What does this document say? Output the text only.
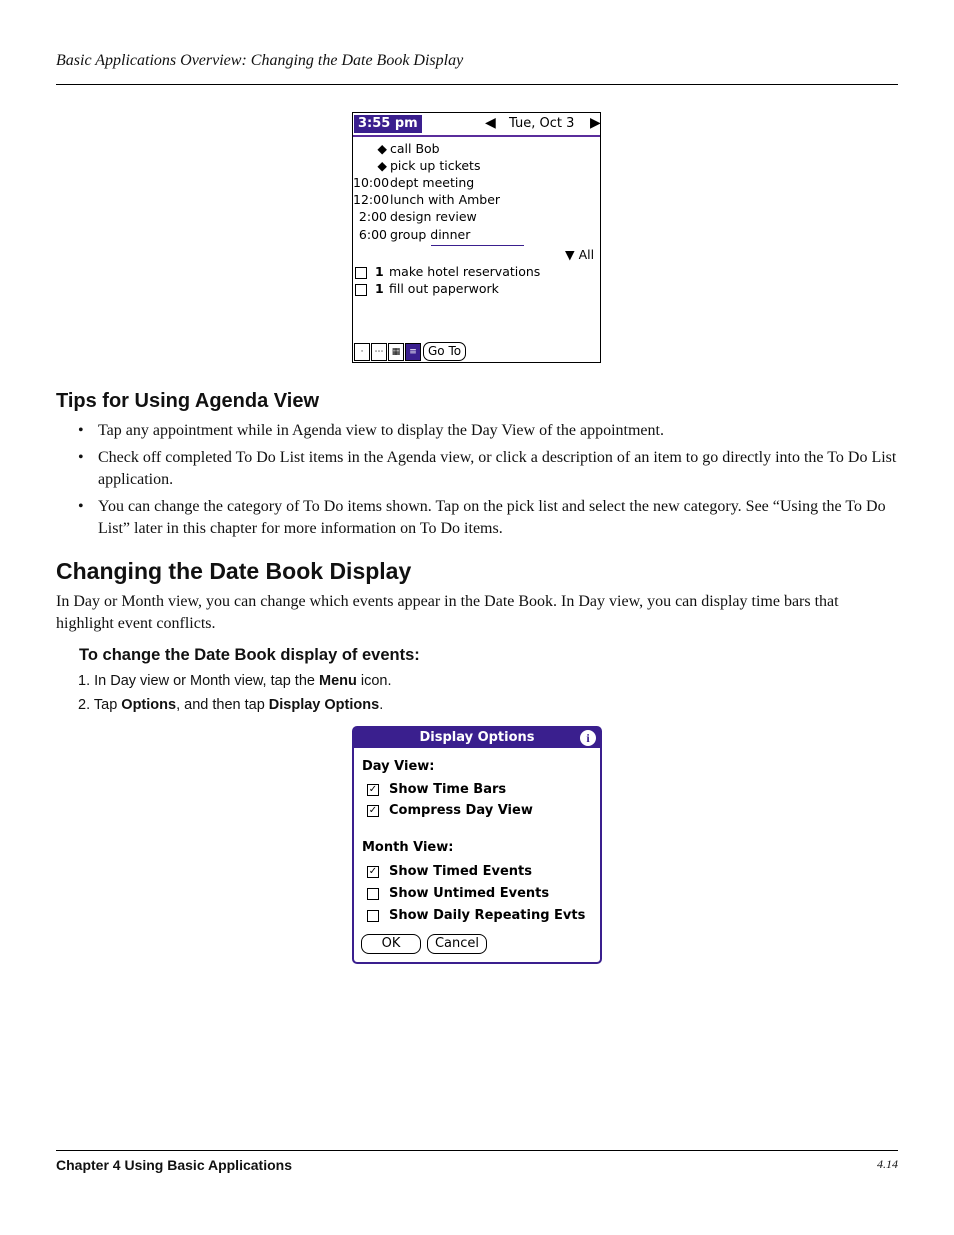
Basic Applications Overview: Changing the Date Book Display
3:55 pm	◀ Tue, Oct 3 ▶
◆ call Bob
◆ pick up tickets
10:00 dept meeting
12:00 lunch with Amber
2:00 design review
6:00 group dinner
▼ All
1 make hotel reservations
1 fill out paperwork
·	⋯ ▦ ≡ Go To
Tips for Using Agenda View
• Tap any appointment while in Agenda view to display the Day View of the appointment.
• Check off completed To Do List items in the Agenda view, or click a description of an item to go directly into the To Do List application.
• You can change the category of To Do items shown. Tap on the pick list and select the new category. See “Using the To Do List” later in this chapter for more information on To Do items.
Changing the Date Book Display
In Day or Month view, you can change which events appear in the Date Book. In Day view, you can display time bars that highlight event conflicts.
To change the Date Book display of events:
1. In Day view or Month view, tap the Menu icon.
2. Tap Options, and then tap Display Options.
Display Options	i
Day View:
✓ Show Time Bars
✓ Compress Day View
Month View:
✓ Show Timed Events
Show Untimed Events
Show Daily Repeating Evts
OK	Cancel
Chapter 4 Using Basic Applications	4.14
